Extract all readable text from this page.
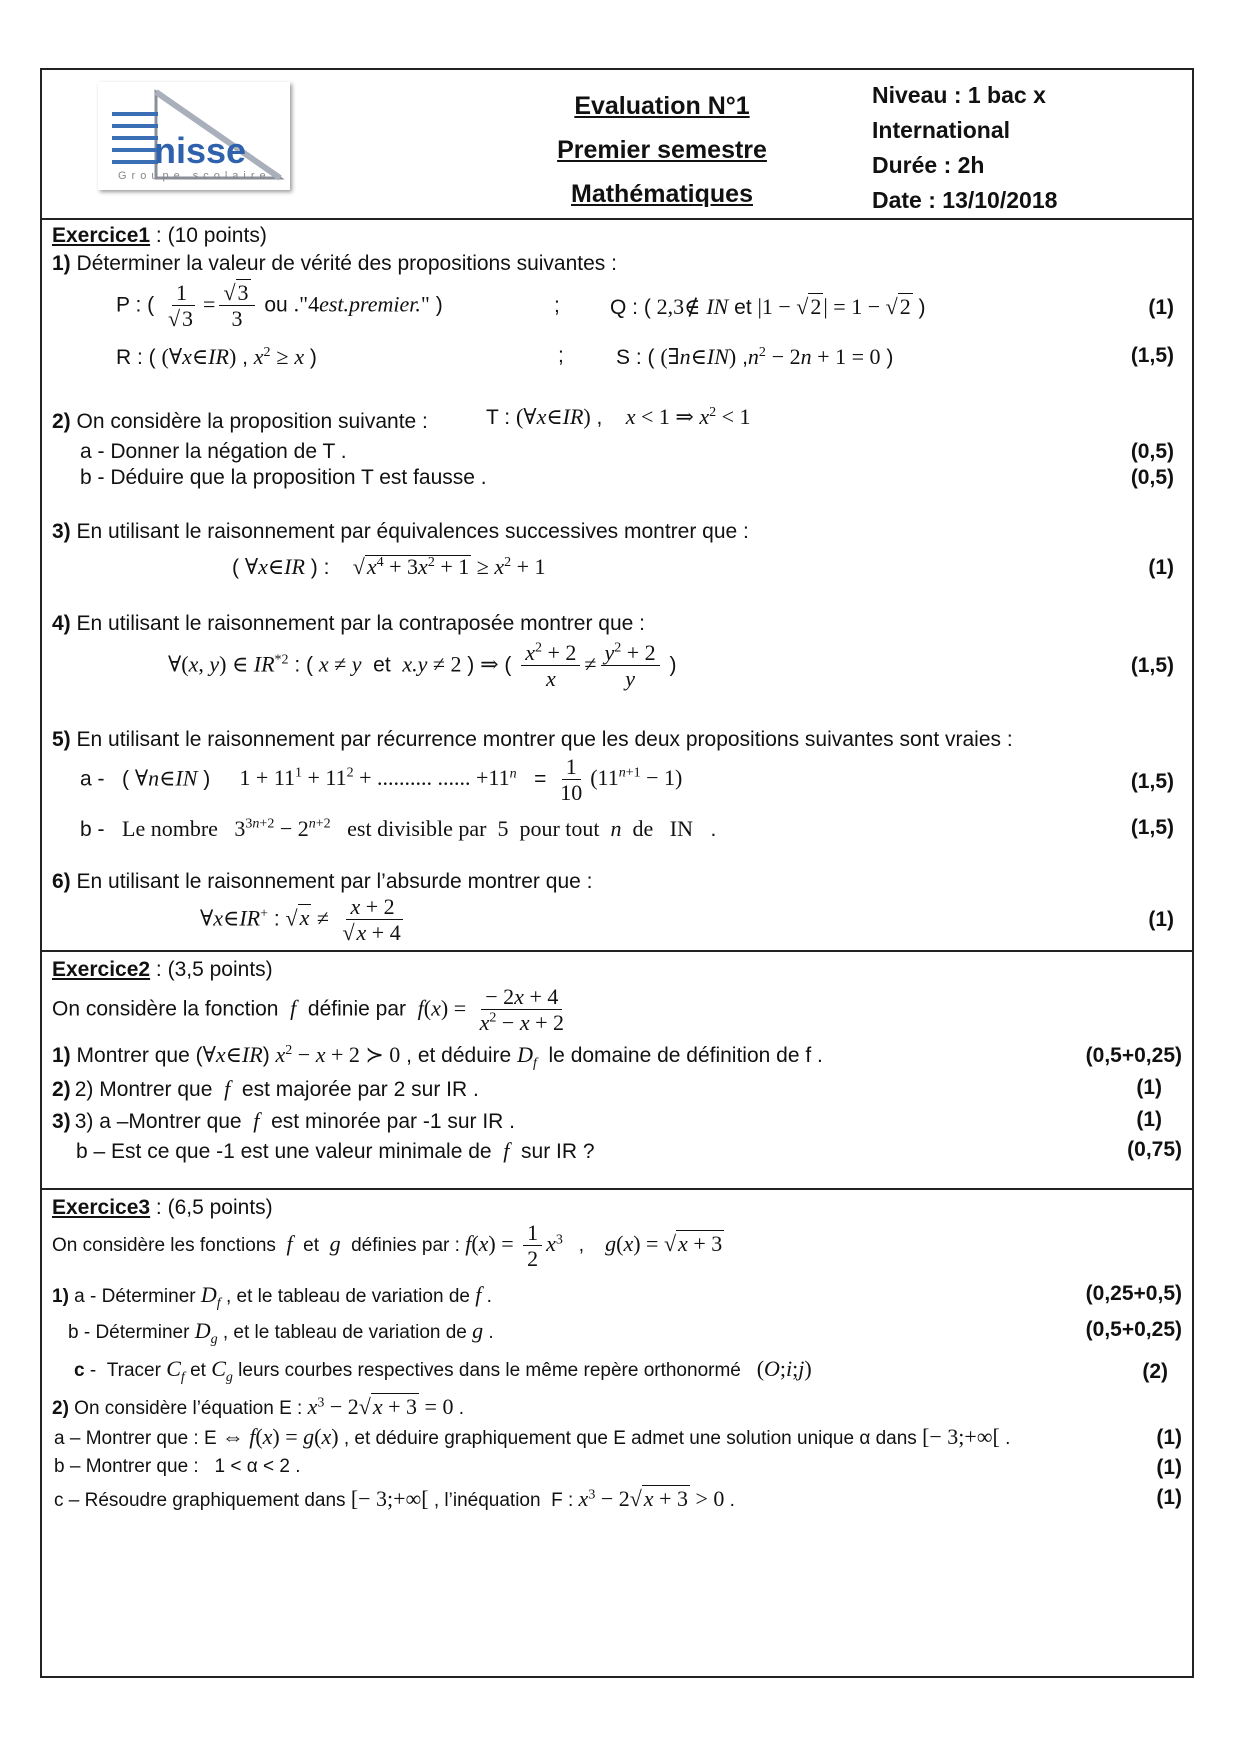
nisse
Groupe scolaire
Evaluation N°1
Premier semestre
Mathématiques
Niveau : 1 bac x
International
Durée : 2h
Date : 13/10/2018
Exercice1 : (10 points)
1) Déterminer la valeur de vérité des propositions suivantes :
P : ( $\frac{1}{√3} = \frac{√3}{3}$ ou ."4est.premier." )	; Q : ( 2,3∉ IN et |1 − √2| = 1 − √2 )	(1)
R : ( (∀x∈IR) , $x^2 \ge x$ )	; S : ( (∃n∈IN) $,n^2 - 2n + 1 = 0$ )	(1,5)
2) On considère la proposition suivante :	T : (∀x∈IR) ,    x < 1 ⇒ $x^2 < 1$
a - Donner la négation de T .	(0,5)
b - Déduire que la proposition T est fausse .	(0,5)
3) En utilisant le raisonnement par équivalences successives montrer que :
( ∀x∈IR ) :    $√x^4 + 3x^2 + 1 \ge x^2 + 1$	(1)
4) En utilisant le raisonnement par la contraposée montrer que :
∀(x, y) ∈ IR$^{*2}$ : ( x ≠ y  et  x.y ≠ 2 ) ⇒ ( $\frac{x^2 + 2}{x} \ne \frac{y^2 + 2}{y}$ )	(1,5)
5) En utilisant le raisonnement par récurrence montrer que les deux propositions suivantes sont vraies :
a -   ( ∀n∈IN )     $1 + 11^1 + 11^2$ + .......... ...... $+11^n = \frac{1}{10} (11^{n+1} - 1)$	(1,5)
b -   Le nombre   $3^{3n+2} - 2^{n+2}$   est divisible par  5  pour tout  n  de   IN   .	(1,5)
6) En utilisant le raisonnement par l’absurde montrer que :
∀x∈IR+ : $√x \ne \frac{x + 2}{√x + 4}$	(1)
Exercice2 : (3,5 points)
On considère la fonction f  définie par  $f(x) = \frac{- 2x + 4}{x^2 - x + 2}$
1) Montrer que (∀x∈IR) $x^2 - x + 2$ ≻ 0 , et déduire $D_f$  le domaine de définition de f .	(0,5+0,25)
2) 2) Montrer que f est majorée par 2 sur IR .	(1)
3) 3) a –Montrer que f est minorée par -1 sur IR .	(1)
b – Est ce que -1 est une valeur minimale de f sur IR ?	(0,75)
Exercice3 : (6,5 points)
On considère les fonctions f  et  g  définies par : $f(x) = \frac{1}{2} x^3$   ,    g(x) = √x + 3
1) a - Déterminer $D_f$ , et le tableau de variation de f .	(0,25+0,5)
b - Déterminer $D_g$ , et le tableau de variation de g .	(0,5+0,25)
c -  Tracer $C_f$ et $C_g$ leurs courbes respectives dans le même repère orthonormé   (O;i;j)	(2)
2) On considère l’équation E : $x^3 - 2√x + 3 = 0$ .
a – Montrer que : E ⇔ f(x) = g(x) , et déduire graphiquement que E admet une solution unique α dans [− 3;+∞[ .	(1)
b – Montrer que :   1 < α < 2 .	(1)
c – Résoudre graphiquement dans [− 3;+∞[ , l’inéquation  F : $x^3 - 2√x + 3 > 0$ .	(1)
